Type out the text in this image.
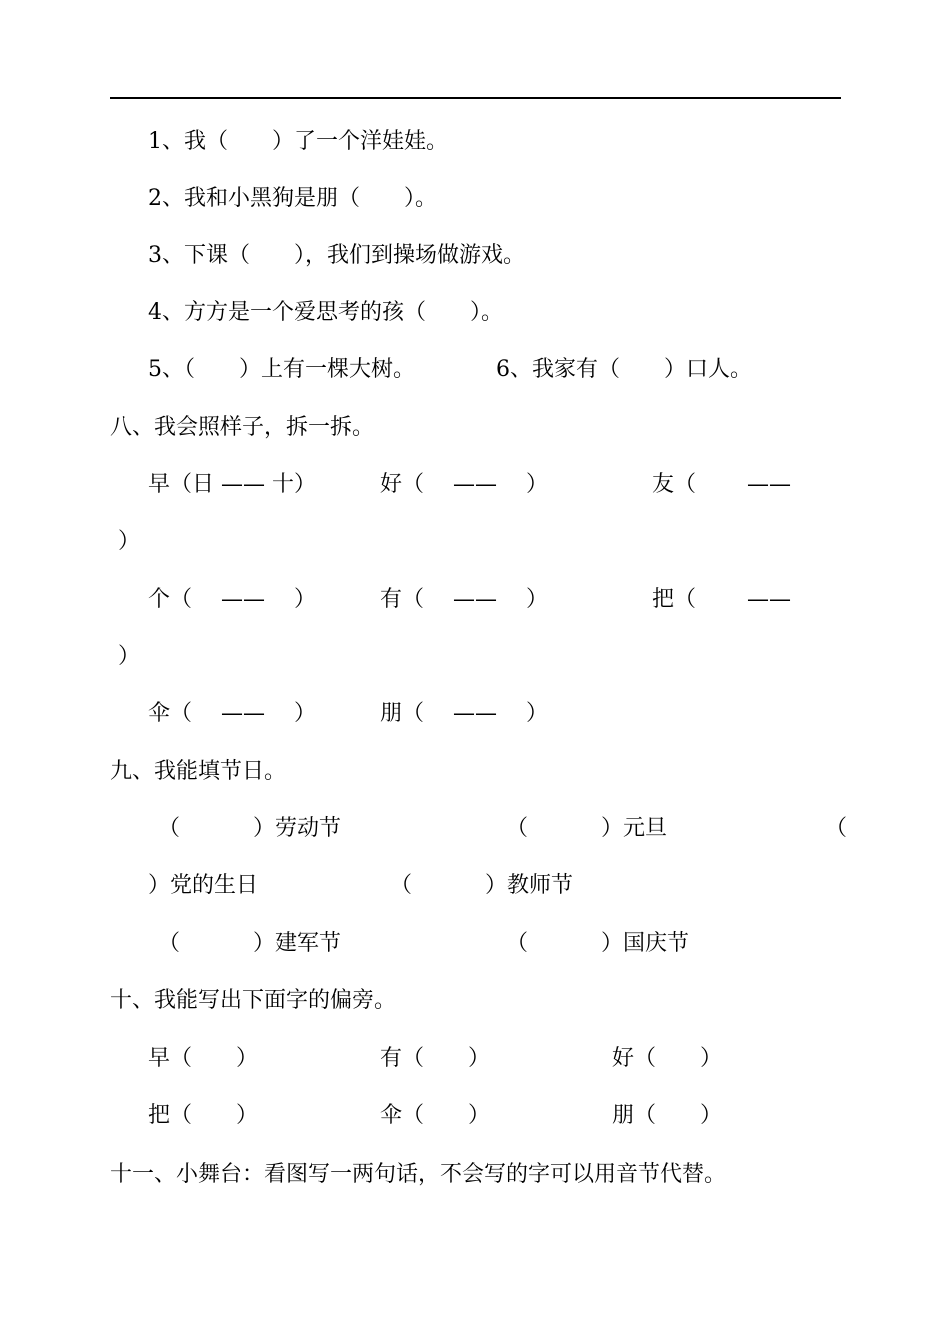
1、我（　　）了一个洋娃娃。
2、我和小黑狗是朋（　　）。
3、下课（　　），我们到操场做游戏。
4、方方是一个爱思考的孩（　　）。
5、（　　）上有一棵大树。	6、我家有（　　）口人。
八、我会照样子，拆一拆。
早（日 —— 十）	好（　 ——　 ）	友（　　 ——
）
个（　 ——　 ）	有（　 ——　 ）	把（　　 ——
）
伞（　 ——　 ）	朋（　 ——　 ）
九、我能填节日。
（　　　 ）劳动节	（　　　 ）元旦	（
）党的生日	（　　　 ）教师节
（　　　 ）建军节	（　　　 ）国庆节
十、我能写出下面字的偏旁。
早（　　）	有（　　）	好（　　）
把（　　）	伞（　　）	朋（　　）
十一、小舞台：看图写一两句话，不会写的字可以用音节代替。
